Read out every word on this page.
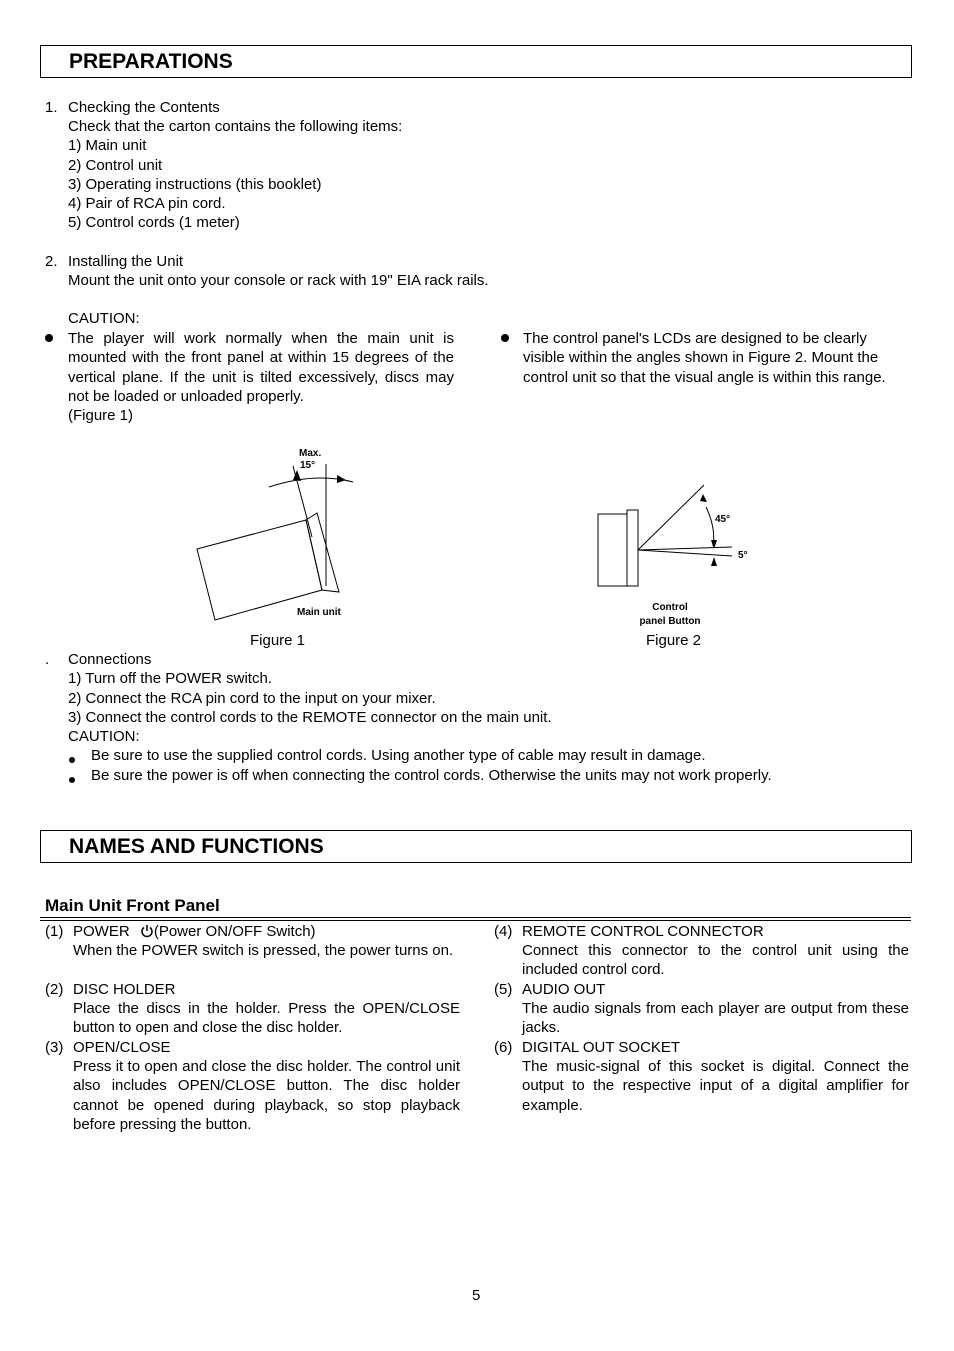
PREPARATIONS
1. Checking the Contents
Check that the carton contains the following items:
1) Main unit
2) Control unit
3) Operating instructions (this booklet)
4) Pair of RCA pin cord.
5) Control cords (1 meter)
2. Installing the Unit
Mount the unit onto your console or rack with 19" EIA rack rails.
CAUTION:
The player will work normally when the main unit is mounted with the front panel at within 15 degrees of the vertical plane. If the unit is tilted excessively, discs may not be loaded or unloaded properly.
(Figure 1)
The control panel's LCDs are designed to be clearly visible within the angles shown in Figure 2. Mount the control unit so that the visual angle is within this range.
Max.
15°
Main unit
Figure 1
45°
5°
Control
panel Button
Figure 2
. Connections
1) Turn off the POWER switch.
2) Connect the RCA pin cord to the input on your mixer.
3) Connect the control cords to the REMOTE connector on the main unit.
CAUTION:
Be sure to use the supplied control cords. Using another type of cable may result in damage.
Be sure the power is off when connecting the control cords. Otherwise the units may not work properly.
NAMES AND FUNCTIONS
Main Unit Front Panel
(1) POWER (Power ON/OFF Switch)
When the POWER switch is pressed, the power turns on.
(2) DISC HOLDER
Place the discs in the holder. Press the OPEN/CLOSE button to open and close the disc holder.
(3) OPEN/CLOSE
Press it to open and close the disc holder. The control unit also includes OPEN/CLOSE button. The disc holder cannot be opened during playback, so stop playback before pressing the button.
(4) REMOTE CONTROL CONNECTOR
Connect this connector to the control unit using the included control cord.
(5) AUDIO OUT
The audio signals from each player are output from these jacks.
(6) DIGITAL OUT SOCKET
The music-signal of this socket is digital. Connect the output to the respective input of a digital amplifier for example.
5
